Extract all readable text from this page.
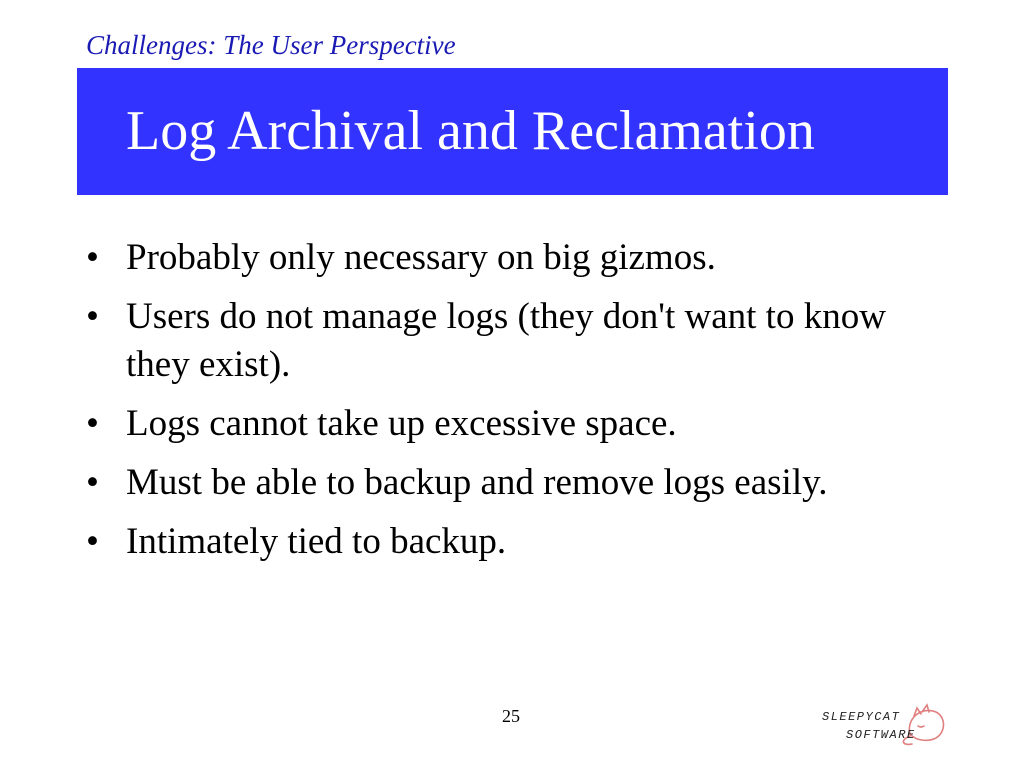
Challenges: The User Perspective
Log Archival and Reclamation
• Probably only necessary on big gizmos.
• Users do not manage logs (they don't want to know they exist).
• Logs cannot take up excessive space.
• Must be able to backup and remove logs easily.
• Intimately tied to backup.
25	SLEEPYCAT
SOFTWARE
